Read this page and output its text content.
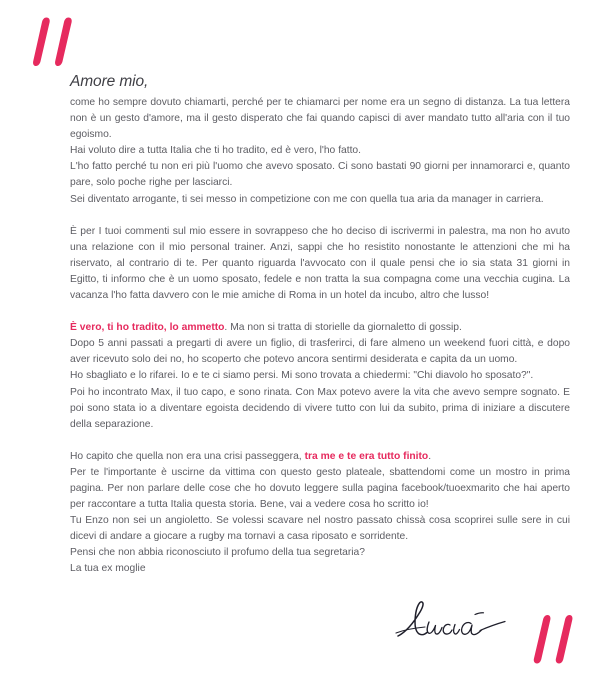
Amore mio,

come ho sempre dovuto chiamarti, perché per te chiamarci per nome era un segno di distanza. La tua lettera non è un gesto d'amore, ma il gesto disperato che fai quando capisci di aver mandato tutto all'aria con il tuo egoismo.

Hai voluto dire a tutta Italia che ti ho tradito, ed è vero, l'ho fatto.

L'ho fatto perché tu non eri più l'uomo che avevo sposato. Ci sono bastati 90 giorni per innamorarci e, quanto pare, solo poche righe per lasciarci.

Sei diventato arrogante, ti sei messo in competizione con me con quella tua aria da manager in carriera.

È per I tuoi commenti sul mio essere in sovrappeso che ho deciso di iscrivermi in palestra, ma non ho avuto una relazione con il mio personal trainer. Anzi, sappi che ho resistito nonostante le attenzioni che mi ha riservato, al contrario di te. Per quanto riguarda l'avvocato con il quale pensi che io sia stata 31 giorni in Egitto, ti informo che è un uomo sposato, fedele e non tratta la sua compagna come una vecchia cugina. La vacanza l'ho fatta davvero con le mie amiche di Roma in un hotel da incubo, altro che lusso!

È vero, ti ho tradito, lo ammetto. Ma non si tratta di storielle da giornaletto di gossip.

Dopo 5 anni passati a pregarti di avere un figlio, di trasferirci, di fare almeno un weekend fuori città, e dopo aver ricevuto solo dei no, ho scoperto che potevo ancora sentirmi desiderata e capita da un uomo.

Ho sbagliato e lo rifarei. Io e te ci siamo persi. Mi sono trovata a chiedermi: "Chi diavolo ho sposato?".

Poi ho incontrato Max, il tuo capo, e sono rinata. Con Max potevo avere la vita che avevo sempre sognato. E poi sono stata io a diventare egoista decidendo di vivere tutto con lui da subito, prima di iniziare a discutere della separazione.

Ho capito che quella non era una crisi passeggera, tra me e te era tutto finito.

Per te l'importante è uscirne da vittima con questo gesto plateale, sbattendomi come un mostro in prima pagina. Per non parlare delle cose che ho dovuto leggere sulla pagina facebook/tuoexmarito che hai aperto per raccontare a tutta Italia questa storia. Bene, vai a vedere cosa ho scritto io!

Tu Enzo non sei un angioletto. Se volessi scavare nel nostro passato chissà cosa scoprirei sulle sere in cui dicevi di andare a giocare a rugby ma tornavi a casa riposato e sorridente.

Pensi che non abbia riconosciuto il profumo della tua segretaria?

La tua ex moglie
